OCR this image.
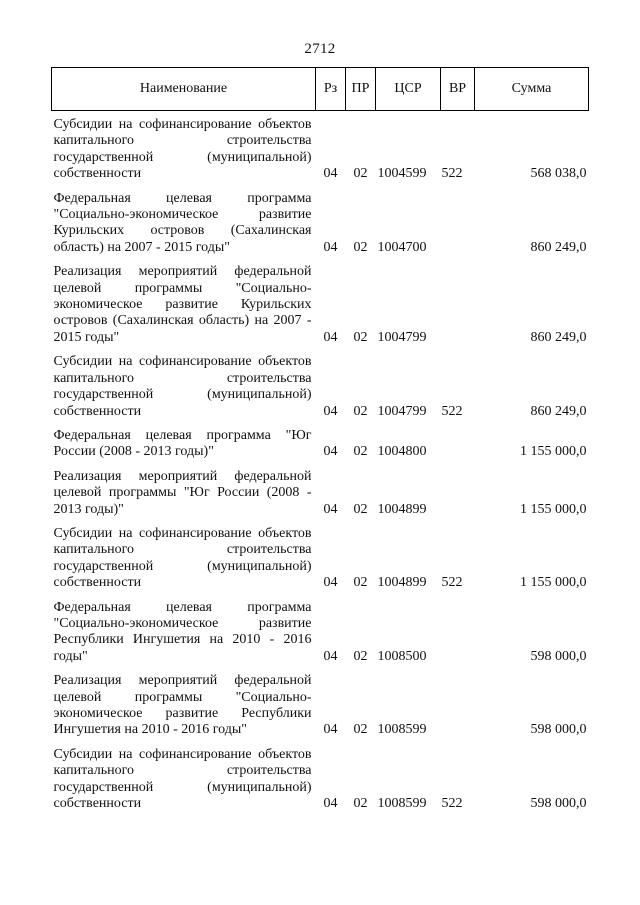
2712
Наименование	Рз	ПР	ЦСР	ВР	Сумма
Субсидии на софинансирование объектов капитального строительства государственной (муниципальной) собственности	04	02	1004599	522	568 038,0
Федеральная целевая программа "Социально-экономическое развитие Курильских островов (Сахалинская область) на 2007 - 2015 годы"	04	02	1004700		860 249,0
Реализация мероприятий федеральной целевой программы "Социально-экономическое развитие Курильских островов (Сахалинская область) на 2007 - 2015 годы"	04	02	1004799		860 249,0
Субсидии на софинансирование объектов капитального строительства государственной (муниципальной) собственности	04	02	1004799	522	860 249,0
Федеральная целевая программа "Юг России (2008 - 2013 годы)"	04	02	1004800		1 155 000,0
Реализация мероприятий федеральной целевой программы "Юг России (2008 - 2013 годы)"	04	02	1004899		1 155 000,0
Субсидии на софинансирование объектов капитального строительства государственной (муниципальной) собственности	04	02	1004899	522	1 155 000,0
Федеральная целевая программа "Социально-экономическое развитие Республики Ингушетия на 2010 - 2016 годы"	04	02	1008500		598 000,0
Реализация мероприятий федеральной целевой программы "Социально-экономическое развитие Республики Ингушетия на 2010 - 2016 годы"	04	02	1008599		598 000,0
Субсидии на софинансирование объектов капитального строительства государственной (муниципальной) собственности	04	02	1008599	522	598 000,0
